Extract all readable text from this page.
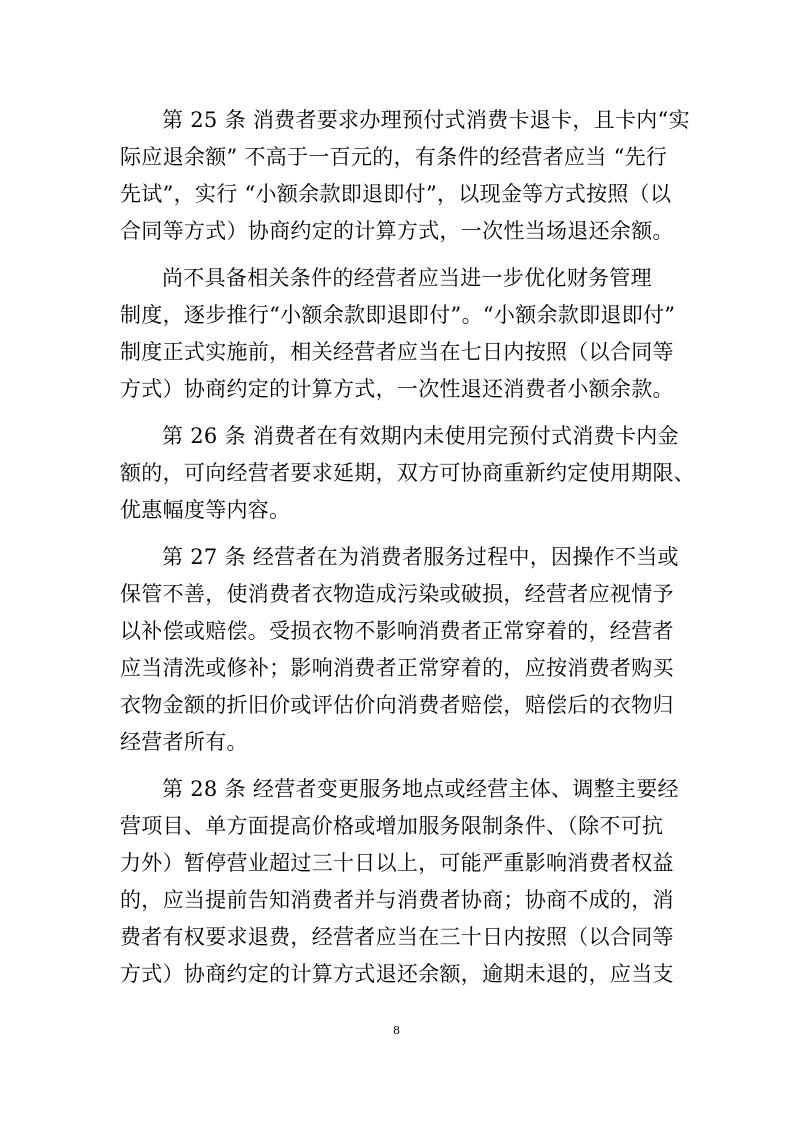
第 25 条 消费者要求办理预付式消费卡退卡，且卡内“实
际应退余额” 不高于一百元的，有条件的经营者应当 “先行
先试”，实行 “小额余款即退即付”，以现金等方式按照（以
合同等方式）协商约定的计算方式，一次性当场退还余额。
尚不具备相关条件的经营者应当进一步优化财务管理
制度，逐步推行“小额余款即退即付”。“小额余款即退即付”
制度正式实施前，相关经营者应当在七日内按照（以合同等
方式）协商约定的计算方式，一次性退还消费者小额余款。
第 26 条 消费者在有效期内未使用完预付式消费卡内金
额的，可向经营者要求延期，双方可协商重新约定使用期限、
优惠幅度等内容。
第 27 条 经营者在为消费者服务过程中，因操作不当或
保管不善，使消费者衣物造成污染或破损，经营者应视情予
以补偿或赔偿。受损衣物不影响消费者正常穿着的，经营者
应当清洗或修补；影响消费者正常穿着的，应按消费者购买
衣物金额的折旧价或评估价向消费者赔偿，赔偿后的衣物归
经营者所有。
第 28 条 经营者变更服务地点或经营主体、调整主要经
营项目、单方面提高价格或增加服务限制条件、（除不可抗
力外）暂停营业超过三十日以上，可能严重影响消费者权益
的，应当提前告知消费者并与消费者协商；协商不成的，消
费者有权要求退费，经营者应当在三十日内按照（以合同等
方式）协商约定的计算方式退还余额，逾期未退的，应当支
8
